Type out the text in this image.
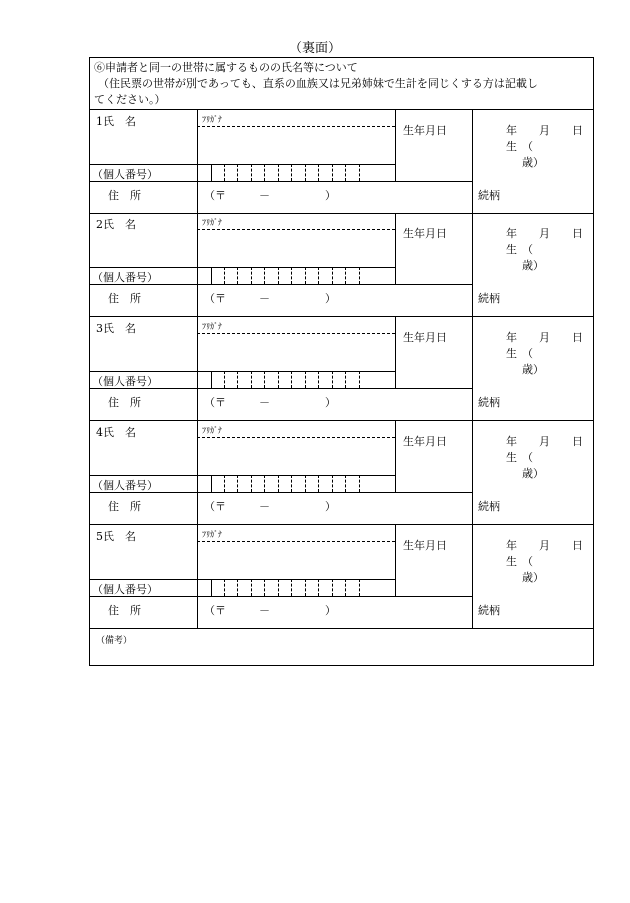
（裏面）
⑥申請者と同一の世帯に属するものの氏名等について
（住民票の世帯が別であっても、直系の血族又は兄弟姉妹で生計を同じくする方は記載し
てください。）
1氏　名	ﾌﾘｶﾞﾅ
生年月日	年　　月　　日生 （　　　　歳）
（個人番号）
住　所	（〒　　　－　　　　　）	続柄
2氏　名	ﾌﾘｶﾞﾅ
生年月日	年　　月　　日生 （　　　　歳）
（個人番号）
住　所	（〒　　　－　　　　　）	続柄
3氏　名	ﾌﾘｶﾞﾅ
生年月日	年　　月　　日生 （　　　　歳）
（個人番号）
住　所	（〒　　　－　　　　　）	続柄
4氏　名	ﾌﾘｶﾞﾅ
生年月日	年　　月　　日生 （　　　　歳）
（個人番号）
住　所	（〒　　　－　　　　　）	続柄
5氏　名	ﾌﾘｶﾞﾅ
生年月日	年　　月　　日生 （　　　　歳）
（個人番号）
住　所	（〒　　　－　　　　　）	続柄
（備考）
